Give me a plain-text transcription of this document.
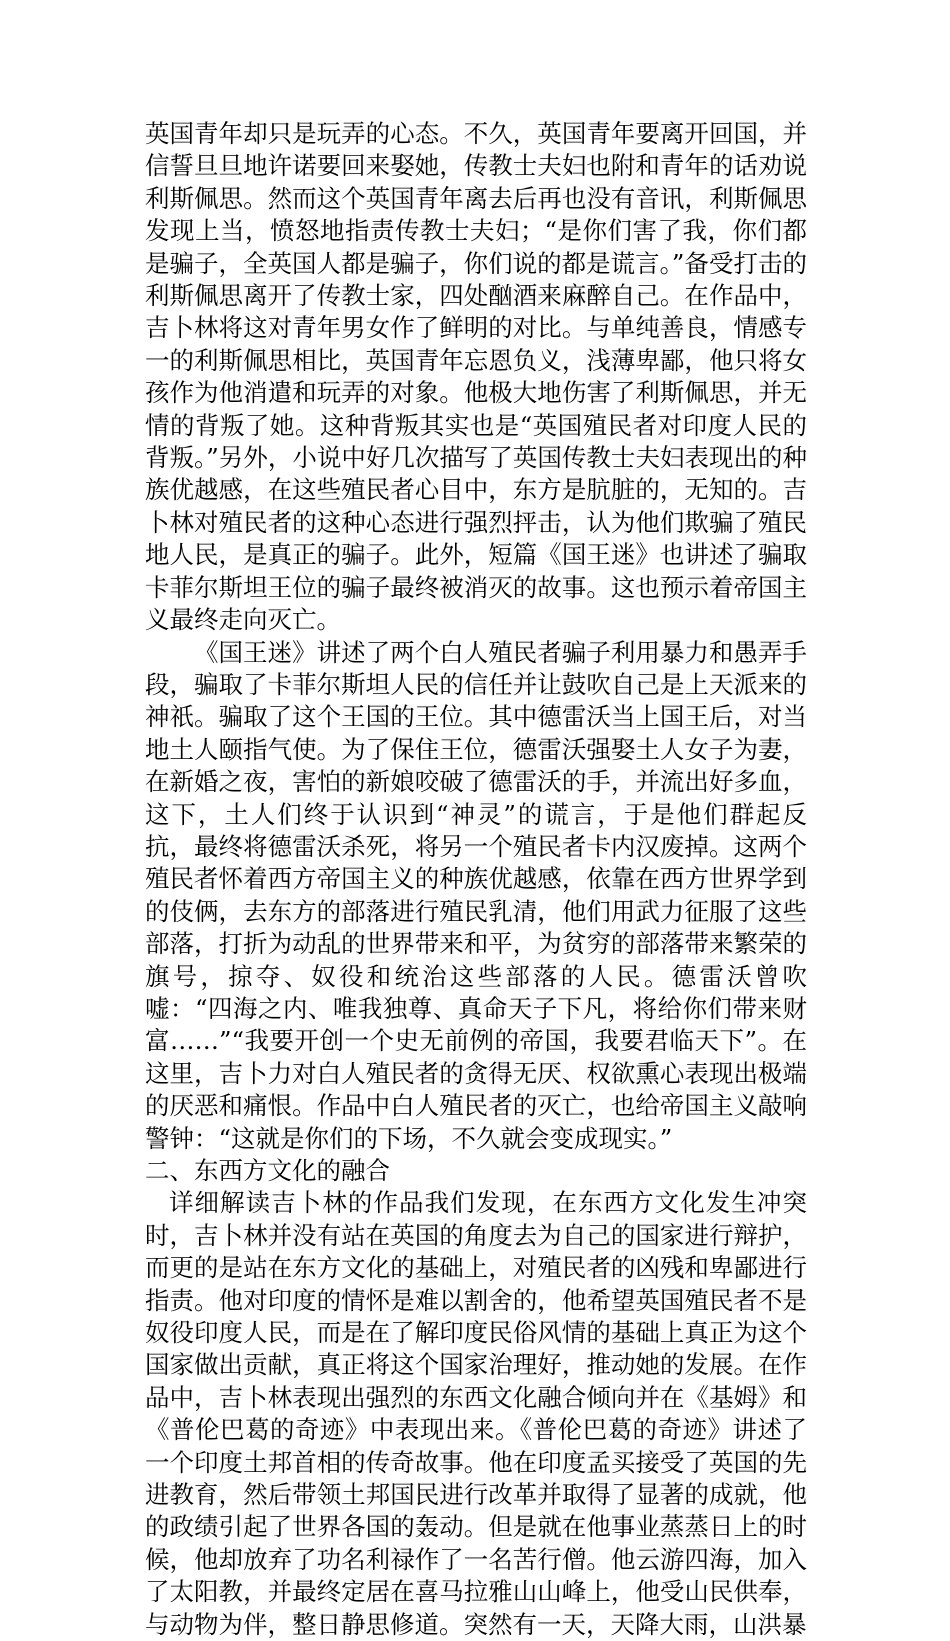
英国青年却只是玩弄的心态。不久，英国青年要离开回国，并信誓旦旦地许诺要回来娶她，传教士夫妇也附和青年的话劝说利斯佩思。然而这个英国青年离去后再也没有音讯，利斯佩思发现上当，愤怒地指责传教士夫妇；“是你们害了我，你们都是骗子，全英国人都是骗子，你们说的都是谎言。”备受打击的利斯佩思离开了传教士家，四处酗酒来麻醉自己。在作品中，吉卜林将这对青年男女作了鲜明的对比。与单纯善良，情感专一的利斯佩思相比，英国青年忘恩负义，浅薄卑鄙，他只将女孩作为他消遣和玩弄的对象。他极大地伤害了利斯佩思，并无情的背叛了她。这种背叛其实也是“英国殖民者对印度人民的背叛。”另外，小说中好几次描写了英国传教士夫妇表现出的种族优越感，在这些殖民者心目中，东方是肮脏的，无知的。吉卜林对殖民者的这种心态进行强烈抨击，认为他们欺骗了殖民地人民，是真正的骗子。此外，短篇《国王迷》也讲述了骗取卡菲尔斯坦王位的骗子最终被消灭的故事。这也预示着帝国主义最终走向灭亡。

《国王迷》讲述了两个白人殖民者骗子利用暴力和愚弄手段，骗取了卡菲尔斯坦人民的信任并让鼓吹自己是上天派来的神祇。骗取了这个王国的王位。其中德雷沃当上国王后，对当地土人颐指气使。为了保住王位，德雷沃强娶土人女子为妻，在新婚之夜，害怕的新娘咬破了德雷沃的手，并流出好多血，这下，土人们终于认识到“神灵”的谎言，于是他们群起反抗，最终将德雷沃杀死，将另一个殖民者卡内汉废掉。这两个殖民者怀着西方帝国主义的种族优越感，依靠在西方世界学到的伎俩，去东方的部落进行殖民乳清，他们用武力征服了这些部落，打折为动乱的世界带来和平，为贫穷的部落带来繁荣的旗号，掠夺、奴役和统治这些部落的人民。德雷沃曾吹嘘：“四海之内、唯我独尊、真命天子下凡，将给你们带来财富……”“我要开创一个史无前例的帝国，我要君临天下”。在这里，吉卜力对白人殖民者的贪得无厌、权欲熏心表现出极端的厌恶和痛恨。作品中白人殖民者的灭亡，也给帝国主义敲响警钟：“这就是你们的下场，不久就会变成现实。”

二、东西方文化的融合

详细解读吉卜林的作品我们发现，在东西方文化发生冲突时，吉卜林并没有站在英国的角度去为自己的国家进行辩护，而更的是站在东方文化的基础上，对殖民者的凶残和卑鄙进行指责。他对印度的情怀是难以割舍的，他希望英国殖民者不是奴役印度人民，而是在了解印度民俗风情的基础上真正为这个国家做出贡献，真正将这个国家治理好，推动她的发展。在作品中，吉卜林表现出强烈的东西文化融合倾向并在《基姆》和《普伦巴葛的奇迹》中表现出来。《普伦巴葛的奇迹》讲述了一个印度土邦首相的传奇故事。他在印度孟买接受了英国的先进教育，然后带领土邦国民进行改革并取得了显著的成就，他的政绩引起了世界各国的轰动。但是就在他事业蒸蒸日上的时候，他却放弃了功名利禄作了一名苦行僧。他云游四海，加入了太阳教，并最终定居在喜马拉雅山山峰上，他受山民供奉，与动物为伴，整日静思修道。突然有一天，天降大雨，山洪暴
